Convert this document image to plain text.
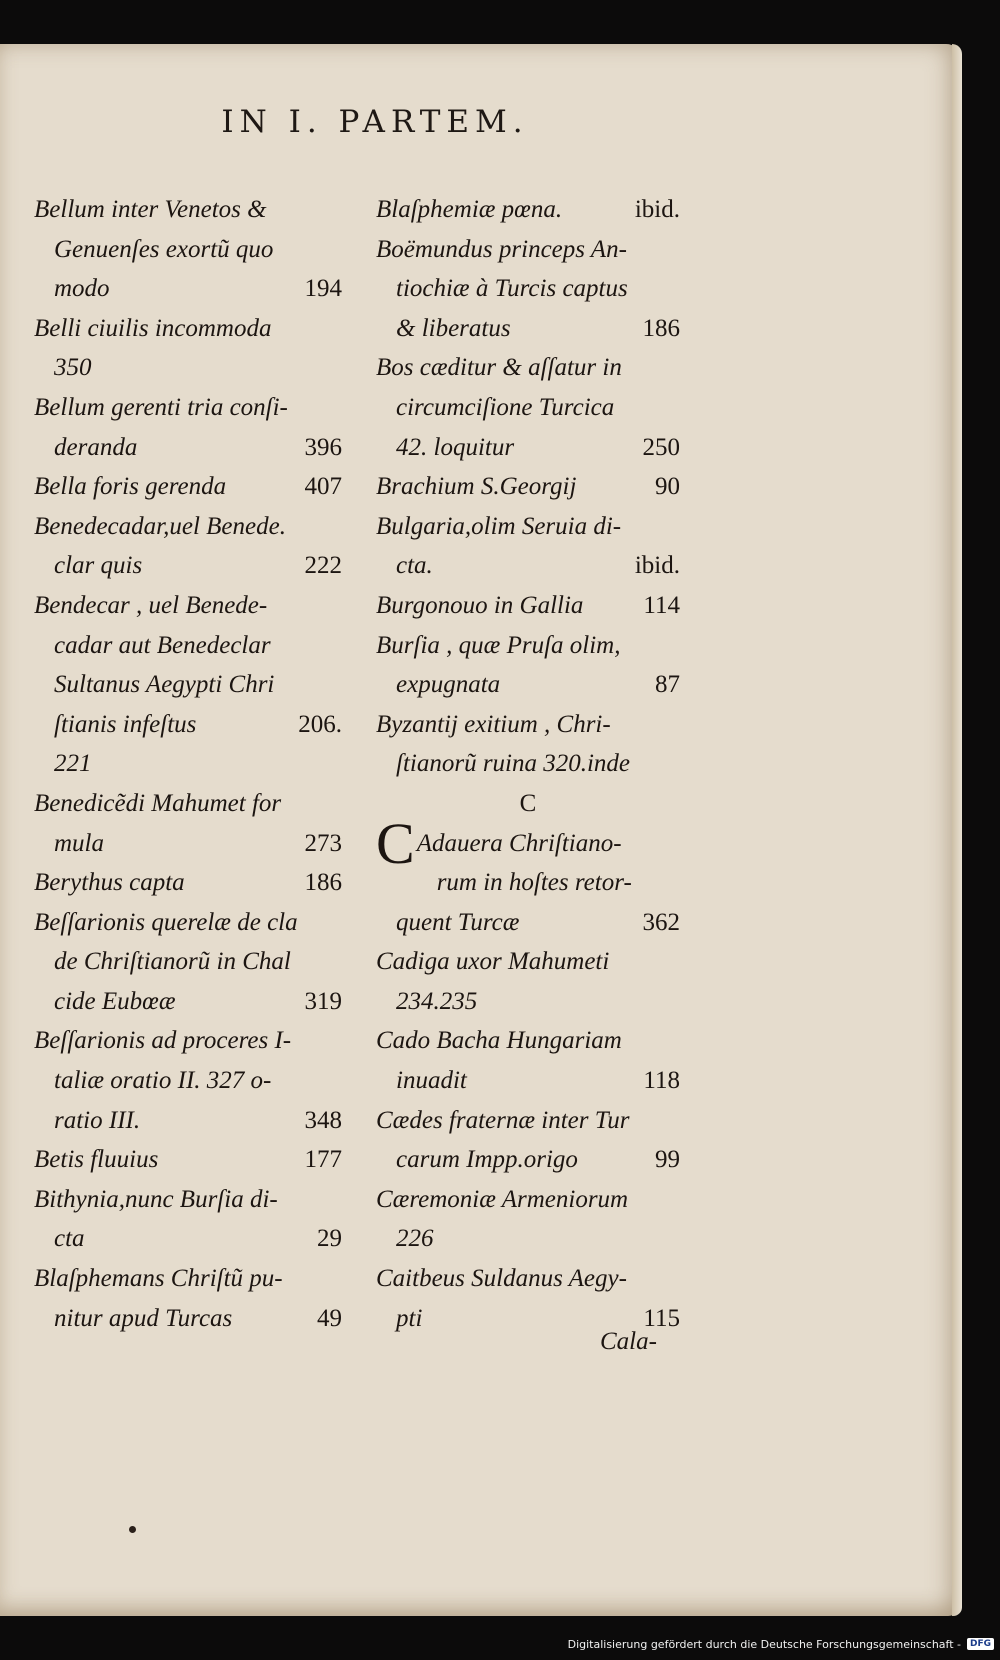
IN I. PARTEM.
Bellum inter Venetos &
Genuenſes exortũ quo
modo	194
Belli ciuilis incommoda
350
Bellum gerenti tria conſi-
deranda	396
Bella foris gerenda	407
Benedecadar,uel Benede.
clar quis	222
Bendecar , uel Benede-
cadar aut Benedeclar
Sultanus Aegypti Chri
ſtianis infeſtus	206.
221
Benedicẽdi Mahumet for
mula	273
Berythus capta	186
Beſſarionis querelæ de cla
de Chriſtianorũ in Chal
cide Eubœæ	319
Beſſarionis ad proceres I-
taliæ oratio II. 327 o-
ratio III.	348
Betis fluuius	177
Bithynia,nunc Burſia di-
cta	29
Blaſphemans Chriſtũ pu-
nitur apud Turcas	49
Blaſphemiæ pœna.	ibid.
Boëmundus princeps An-
tiochiæ à Turcis captus
& liberatus	186
Bos cæditur & aſſatur in
circumciſione Turcica
42. loquitur	250
Brachium S.Georgij	90
Bulgaria,olim Seruia di-
cta.	ibid.
Burgonouo in Gallia 114
Burſia , quæ Pruſa olim,
expugnata	87
Byzantij exitium , Chri-
ſtianorũ ruina 320.inde
C
C Adauera Chriſtiano-
rum in hoſtes retor-
quent Turcæ	362
Cadiga uxor Mahumeti
234.235
Cado Bacha Hungariam
inuadit	118
Cædes fraternæ inter Tur
carum Impp.origo	99
Cæremoniæ Armeniorum
226
Caitbeus Suldanus Aegy-
pti	115
Cala-
Digitalisierung gefördert durch die Deutsche Forschungsgemeinschaft -	DFG
